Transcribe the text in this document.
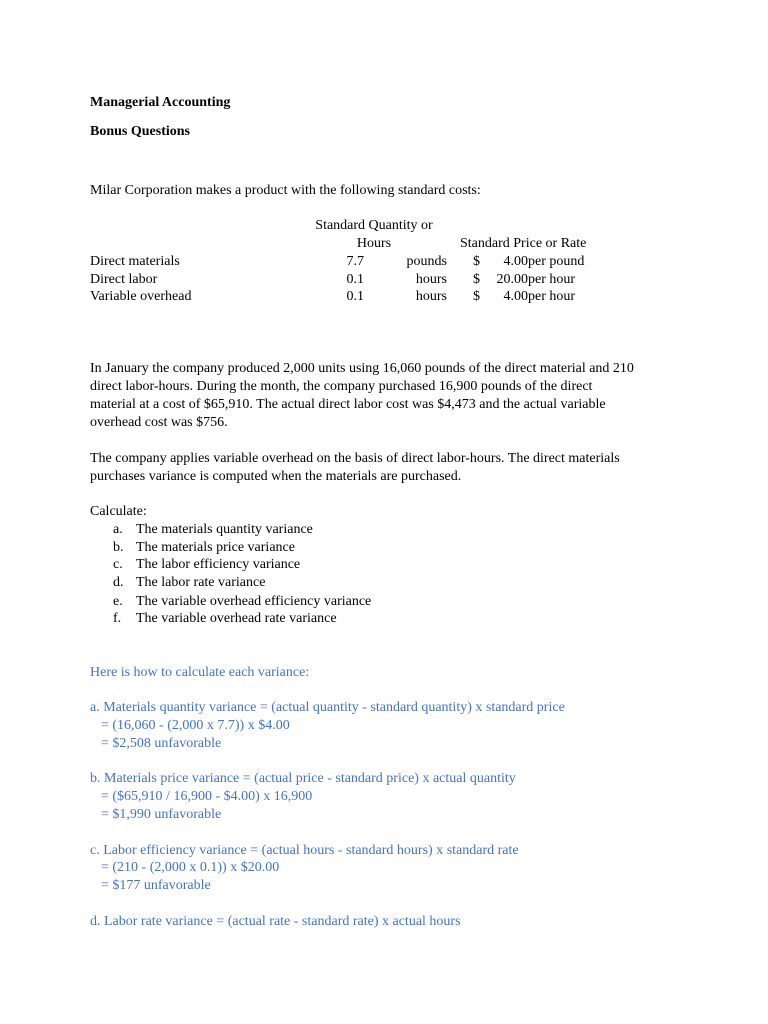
Managerial Accounting
Bonus Questions
Milar Corporation makes a product with the following standard costs:
Standard Quantity or
Hours	Standard Price or Rate
Direct materials	7.7	pounds $	4.00 per pound
Direct labor	0.1	hours $	20.00 per hour
Variable overhead	0.1	hours $	4.00 per hour
In January the company produced 2,000 units using 16,060 pounds of the direct material and 210
direct labor-hours. During the month, the company purchased 16,900 pounds of the direct
material at a cost of $65,910. The actual direct labor cost was $4,473 and the actual variable
overhead cost was $756.
The company applies variable overhead on the basis of direct labor-hours. The direct materials
purchases variance is computed when the materials are purchased.
Calculate:
a. The materials quantity variance
b. The materials price variance
c. The labor efficiency variance
d. The labor rate variance
e. The variable overhead efficiency variance
f. The variable overhead rate variance
Here is how to calculate each variance:
a. Materials quantity variance = (actual quantity - standard quantity) x standard price
= (16,060 - (2,000 x 7.7)) x $4.00
= $2,508 unfavorable
b. Materials price variance = (actual price - standard price) x actual quantity
= ($65,910 / 16,900 - $4.00) x 16,900
= $1,990 unfavorable
c. Labor efficiency variance = (actual hours - standard hours) x standard rate
= (210 - (2,000 x 0.1)) x $20.00
= $177 unfavorable
d. Labor rate variance = (actual rate - standard rate) x actual hours
